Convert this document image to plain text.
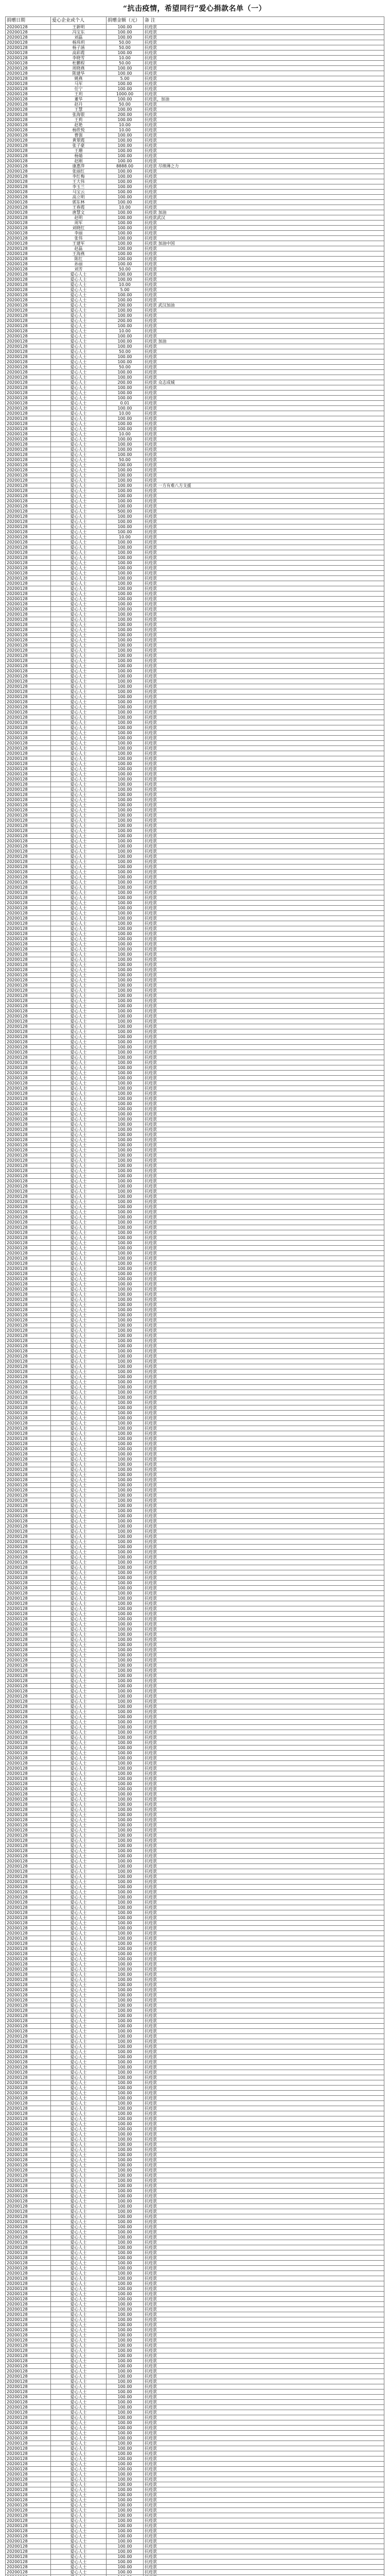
“抗击疫情，希望同行”爱心捐款名单（一）
捐赠日期	爱心企业或个人	捐赠金额（元）	备 注
20200128	王新明	100.00	抗疫款
20200128	冯宝东	100.00	抗疫款
20200128	刘磊	100.00	抗疫款
20200128	杨玮玥	50.00	抗疫款
20200128	杨子涵	50.00	抗疫款
20200128	高彩霞	100.00	抗疫款
20200128	李晓雪	10.00	抗疫款
20200128	杜鹏程	50.00	抗疫款
20200128	周晓燕	100.00	抗疫款
20200128	陈建华	100.00	抗疫款
20200128	姚燕	5.00	抗疫款
20200128	马军	100.00	抗疫款
20200128	任宁	100.00	抗疫款
20200128	王玥	1000.00	抗疫款
20200128	董华	100.00	抗疫款，加油
20200128	赵丹	50.00	抗疫款
20200128	王慧	100.00	抗疫款
20200128	张海银	200.00	抗疫款
20200128	王莉	100.00	抗疫款
20200128	赵艳	10.00	抗疫款
20200128	杨欣悦	10.00	抗疫款
20200128	曹强	100.00	抗疫款
20200128	黄翠霞	100.00	抗疫款
20200128	张子豪	100.00	抗疫款
20200128	王珊	100.00	抗疫款
20200128	杨婧	100.00	抗疫款
20200128	赵刚	100.00	抗疫款
20200128	康惠萍	8888.00	抗疫款 尽绵薄之力
20200128	张丽红	100.00	抗疫款
20200128	李红梅	100.00	抗疫款
20200128	王大伟	100.00	抗疫款
20200128	李玉兰	100.00	抗疫款
20200128	马宝云	100.00	抗疫款
20200128	高立明	100.00	抗疫款
20200128	郭东林	100.00	抗疫款
20200128	王春霞	10.00	抗疫款
20200128	唐慧文	100.00	抗疫款 加油
20200128	赵明	100.00	抗疫款武汉
20200128	周军	100.00	抗疫款
20200128	刘晓红	100.00	抗疫款
20200128	李丽	100.00	抗疫款
20200128	张伟	100.00	抗疫款
20200128	王建军	100.00	抗疫款 加油中国
20200128	赵磊	100.00	抗疫款
20200128	王海燕	100.00	抗疫款
20200128	陈红	100.00	抗疫款
20200128	孙丽	100.00	抗疫款
20200128	刘芳	50.00	抗疫款
20200128	爱心人士	100.00	抗疫款
20200128	爱心人士	100.00	抗疫款
20200128	爱心人士	10.00	抗疫款
20200128	爱心人士	5.00	抗疫款
20200128	爱心人士	100.00	抗疫款
20200128	爱心人士	100.00	抗疫款
20200128	爱心人士	200.00	抗疫款 武汉加油
20200128	爱心人士	100.00	抗疫款
20200128	爱心人士	100.00	抗疫款
20200128	爱心人士	200.00	抗疫款
20200128	爱心人士	100.00	抗疫款
20200128	爱心人士	10.00	抗疫款
20200128	爱心人士	100.00	抗疫款
20200128	爱心人士	100.00	抗疫款 加油
20200128	爱心人士	100.00	抗疫款
20200128	爱心人士	50.00	抗疫款
20200128	爱心人士	100.00	抗疫款
20200128	爱心人士	100.00	抗疫款
20200128	爱心人士	50.00	抗疫款
20200128	爱心人士	100.00	抗疫款
20200128	爱心人士	100.00	抗疫款
20200128	爱心人士	200.00	抗疫款 众志成城
20200128	爱心人士	100.00	抗疫款
20200128	爱心人士	100.00	抗疫款
20200128	爱心人士	100.00	抗疫款
20200128	爱心人士	0.01	抗疫款
20200128	爱心人士	100.00	抗疫款
20200128	爱心人士	10.00	抗疫款
20200128	爱心人士	100.00	抗疫款
20200128	爱心人士	100.00	抗疫款
20200128	爱心人士	100.00	抗疫款
20200128	爱心人士	10.00	抗疫款
20200128	爱心人士	100.00	抗疫款
20200128	爱心人士	100.00	抗疫款
20200128	爱心人士	100.00	抗疫款
20200128	爱心人士	100.00	抗疫款
20200128	爱心人士	50.00	抗疫款
20200128	爱心人士	100.00	抗疫款
20200128	爱心人士	100.00	抗疫款
20200128	爱心人士	100.00	抗疫款
20200128	爱心人士	100.00	抗疫款
20200128	爱心人士	100.00	抗疫款 一方有难八方支援
20200128	爱心人士	100.00	抗疫款
20200128	爱心人士	100.00	抗疫款
20200128	爱心人士	100.00	抗疫款
20200128	爱心人士	100.00	抗疫款
20200128	爱心人士	500.00	抗疫款
20200128	爱心人士	100.00	抗疫款
20200128	爱心人士	100.00	抗疫款
20200128	爱心人士	100.00	抗疫款
20200128	爱心人士	100.00	抗疫款
20200128	爱心人士	10.00	抗疫款
20200128	爱心人士	100.00	抗疫款
20200128	爱心人士	100.00	抗疫款
20200128	爱心人士	100.00	抗疫款
20200128	爱心人士	100.00	抗疫款
20200128	爱心人士	100.00	抗疫款
20200128	爱心人士	100.00	抗疫款
20200128	爱心人士	100.00	抗疫款
20200128	爱心人士	100.00	抗疫款
20200128	爱心人士	100.00	抗疫款
20200128	爱心人士	100.00	抗疫款
20200128	爱心人士	100.00	抗疫款
20200128	爱心人士	100.00	抗疫款
20200128	爱心人士	100.00	抗疫款
20200128	爱心人士	100.00	抗疫款
20200128	爱心人士	100.00	抗疫款
20200128	爱心人士	100.00	抗疫款
20200128	爱心人士	100.00	抗疫款
20200128	爱心人士	100.00	抗疫款
20200128	爱心人士	100.00	抗疫款
20200128	爱心人士	100.00	抗疫款
20200128	爱心人士	100.00	抗疫款
20200128	爱心人士	100.00	抗疫款
20200128	爱心人士	100.00	抗疫款
20200128	爱心人士	100.00	抗疫款
20200128	爱心人士	100.00	抗疫款
20200128	爱心人士	100.00	抗疫款
20200128	爱心人士	100.00	抗疫款
20200128	爱心人士	100.00	抗疫款
20200128	爱心人士	100.00	抗疫款
20200128	爱心人士	100.00	抗疫款
20200128	爱心人士	100.00	抗疫款
20200128	爱心人士	100.00	抗疫款
20200128	爱心人士	100.00	抗疫款
20200128	爱心人士	100.00	抗疫款
20200128	爱心人士	100.00	抗疫款
20200128	爱心人士	100.00	抗疫款
20200128	爱心人士	100.00	抗疫款
20200128	爱心人士	100.00	抗疫款
20200128	爱心人士	100.00	抗疫款
20200128	爱心人士	100.00	抗疫款
20200128	爱心人士	100.00	抗疫款
20200128	爱心人士	100.00	抗疫款
20200128	爱心人士	100.00	抗疫款
20200128	爱心人士	100.00	抗疫款
20200128	爱心人士	100.00	抗疫款
20200128	爱心人士	100.00	抗疫款
20200128	爱心人士	100.00	抗疫款
20200128	爱心人士	100.00	抗疫款
20200128	爱心人士	100.00	抗疫款
20200128	爱心人士	100.00	抗疫款
20200128	爱心人士	100.00	抗疫款
20200128	爱心人士	100.00	抗疫款
20200128	爱心人士	100.00	抗疫款
20200128	爱心人士	100.00	抗疫款
20200128	爱心人士	100.00	抗疫款
20200128	爱心人士	100.00	抗疫款
20200128	爱心人士	100.00	抗疫款
20200128	爱心人士	100.00	抗疫款
20200128	爱心人士	100.00	抗疫款
20200128	爱心人士	100.00	抗疫款
20200128	爱心人士	100.00	抗疫款
20200128	爱心人士	100.00	抗疫款
20200128	爱心人士	100.00	抗疫款
20200128	爱心人士	100.00	抗疫款
20200128	爱心人士	100.00	抗疫款
20200128	爱心人士	100.00	抗疫款
20200128	爱心人士	100.00	抗疫款
20200128	爱心人士	100.00	抗疫款
20200128	爱心人士	100.00	抗疫款
20200128	爱心人士	100.00	抗疫款
20200128	爱心人士	100.00	抗疫款
20200128	爱心人士	100.00	抗疫款
20200128	爱心人士	100.00	抗疫款
20200128	爱心人士	100.00	抗疫款
20200128	爱心人士	100.00	抗疫款
20200128	爱心人士	100.00	抗疫款
20200128	爱心人士	100.00	抗疫款
20200128	爱心人士	100.00	抗疫款
20200128	爱心人士	100.00	抗疫款
20200128	爱心人士	100.00	抗疫款
20200128	爱心人士	100.00	抗疫款
20200128	爱心人士	100.00	抗疫款
20200128	爱心人士	100.00	抗疫款
20200128	爱心人士	100.00	抗疫款
20200128	爱心人士	100.00	抗疫款
20200128	爱心人士	100.00	抗疫款
20200128	爱心人士	100.00	抗疫款
20200128	爱心人士	100.00	抗疫款
20200128	爱心人士	100.00	抗疫款
20200128	爱心人士	100.00	抗疫款
20200128	爱心人士	100.00	抗疫款
20200128	爱心人士	100.00	抗疫款
20200128	爱心人士	100.00	抗疫款
20200128	爱心人士	100.00	抗疫款
20200128	爱心人士	100.00	抗疫款
20200128	爱心人士	100.00	抗疫款
20200128	爱心人士	100.00	抗疫款
20200128	爱心人士	100.00	抗疫款
20200128	爱心人士	100.00	抗疫款
20200128	爱心人士	100.00	抗疫款
20200128	爱心人士	100.00	抗疫款
20200128	爱心人士	100.00	抗疫款
20200128	爱心人士	100.00	抗疫款
20200128	爱心人士	100.00	抗疫款
20200128	爱心人士	100.00	抗疫款
20200128	爱心人士	100.00	抗疫款
20200128	爱心人士	100.00	抗疫款
20200128	爱心人士	100.00	抗疫款
20200128	爱心人士	100.00	抗疫款
20200128	爱心人士	100.00	抗疫款
20200128	爱心人士	100.00	抗疫款
20200128	爱心人士	100.00	抗疫款
20200128	爱心人士	100.00	抗疫款
20200128	爱心人士	100.00	抗疫款
20200128	爱心人士	100.00	抗疫款
20200128	爱心人士	100.00	抗疫款
20200128	爱心人士	100.00	抗疫款
20200128	爱心人士	100.00	抗疫款
20200128	爱心人士	100.00	抗疫款
20200128	爱心人士	100.00	抗疫款
20200128	爱心人士	100.00	抗疫款
20200128	爱心人士	100.00	抗疫款
20200128	爱心人士	100.00	抗疫款
20200128	爱心人士	100.00	抗疫款
20200128	爱心人士	100.00	抗疫款
20200128	爱心人士	100.00	抗疫款
20200128	爱心人士	100.00	抗疫款
20200128	爱心人士	100.00	抗疫款
20200128	爱心人士	100.00	抗疫款
20200128	爱心人士	100.00	抗疫款
20200128	爱心人士	100.00	抗疫款
20200128	爱心人士	100.00	抗疫款
20200128	爱心人士	100.00	抗疫款
20200128	爱心人士	100.00	抗疫款
20200128	爱心人士	100.00	抗疫款
20200128	爱心人士	100.00	抗疫款
20200128	爱心人士	100.00	抗疫款
20200128	爱心人士	100.00	抗疫款
20200128	爱心人士	100.00	抗疫款
20200128	爱心人士	100.00	抗疫款
20200128	爱心人士	100.00	抗疫款
20200128	爱心人士	100.00	抗疫款
20200128	爱心人士	100.00	抗疫款
20200128	爱心人士	100.00	抗疫款
20200128	爱心人士	100.00	抗疫款
20200128	爱心人士	100.00	抗疫款
20200128	爱心人士	100.00	抗疫款
20200128	爱心人士	100.00	抗疫款
20200128	爱心人士	100.00	抗疫款
20200128	爱心人士	100.00	抗疫款
20200128	爱心人士	100.00	抗疫款
20200128	爱心人士	100.00	抗疫款
20200128	爱心人士	100.00	抗疫款
20200128	爱心人士	100.00	抗疫款
20200128	爱心人士	100.00	抗疫款
20200128	爱心人士	100.00	抗疫款
20200128	爱心人士	100.00	抗疫款
20200128	爱心人士	100.00	抗疫款
20200128	爱心人士	100.00	抗疫款
20200128	爱心人士	100.00	抗疫款
20200128	爱心人士	100.00	抗疫款
20200128	爱心人士	100.00	抗疫款
20200128	爱心人士	100.00	抗疫款
20200128	爱心人士	100.00	抗疫款
20200128	爱心人士	100.00	抗疫款
20200128	爱心人士	100.00	抗疫款
20200128	爱心人士	100.00	抗疫款
20200128	爱心人士	100.00	抗疫款
20200128	爱心人士	100.00	抗疫款
20200128	爱心人士	100.00	抗疫款
20200128	爱心人士	100.00	抗疫款
20200128	爱心人士	100.00	抗疫款
20200128	爱心人士	100.00	抗疫款
20200128	爱心人士	100.00	抗疫款
20200128	爱心人士	100.00	抗疫款
20200128	爱心人士	100.00	抗疫款
20200128	爱心人士	100.00	抗疫款
20200128	爱心人士	100.00	抗疫款
20200128	爱心人士	100.00	抗疫款
20200128	爱心人士	100.00	抗疫款
20200128	爱心人士	100.00	抗疫款
20200128	爱心人士	100.00	抗疫款
20200128	爱心人士	100.00	抗疫款
20200128	爱心人士	100.00	抗疫款
20200128	爱心人士	100.00	抗疫款
20200128	爱心人士	100.00	抗疫款
20200128	爱心人士	100.00	抗疫款
20200128	爱心人士	100.00	抗疫款
20200128	爱心人士	100.00	抗疫款
20200128	爱心人士	100.00	抗疫款
20200128	爱心人士	100.00	抗疫款
20200128	爱心人士	100.00	抗疫款
20200128	爱心人士	100.00	抗疫款
20200128	爱心人士	100.00	抗疫款
20200128	爱心人士	100.00	抗疫款
20200128	爱心人士	100.00	抗疫款
20200128	爱心人士	100.00	抗疫款
20200128	爱心人士	100.00	抗疫款
20200128	爱心人士	100.00	抗疫款
20200128	爱心人士	100.00	抗疫款
20200128	爱心人士	100.00	抗疫款
20200128	爱心人士	100.00	抗疫款
20200128	爱心人士	100.00	抗疫款
20200128	爱心人士	100.00	抗疫款
20200128	爱心人士	100.00	抗疫款
20200128	爱心人士	100.00	抗疫款
20200128	爱心人士	100.00	抗疫款
20200128	爱心人士	100.00	抗疫款
20200128	爱心人士	100.00	抗疫款
20200128	爱心人士	100.00	抗疫款
20200128	爱心人士	100.00	抗疫款
20200128	爱心人士	100.00	抗疫款
20200128	爱心人士	100.00	抗疫款
20200128	爱心人士	100.00	抗疫款
20200128	爱心人士	100.00	抗疫款
20200128	爱心人士	100.00	抗疫款
20200128	爱心人士	100.00	抗疫款
20200128	爱心人士	100.00	抗疫款
20200128	爱心人士	100.00	抗疫款
20200128	爱心人士	100.00	抗疫款
20200128	爱心人士	100.00	抗疫款
20200128	爱心人士	100.00	抗疫款
20200128	爱心人士	100.00	抗疫款
20200128	爱心人士	100.00	抗疫款
20200128	爱心人士	100.00	抗疫款
20200128	爱心人士	100.00	抗疫款
20200128	爱心人士	100.00	抗疫款
20200128	爱心人士	100.00	抗疫款
20200128	爱心人士	100.00	抗疫款
20200128	爱心人士	100.00	抗疫款
20200128	爱心人士	100.00	抗疫款
20200128	爱心人士	100.00	抗疫款
20200128	爱心人士	100.00	抗疫款
20200128	爱心人士	100.00	抗疫款
20200128	爱心人士	100.00	抗疫款
20200128	爱心人士	100.00	抗疫款
20200128	爱心人士	100.00	抗疫款
20200128	爱心人士	100.00	抗疫款
20200128	爱心人士	100.00	抗疫款
20200128	爱心人士	100.00	抗疫款
20200128	爱心人士	100.00	抗疫款
20200128	爱心人士	100.00	抗疫款
20200128	爱心人士	100.00	抗疫款
20200128	爱心人士	100.00	抗疫款
20200128	爱心人士	100.00	抗疫款
20200128	爱心人士	100.00	抗疫款
20200128	爱心人士	100.00	抗疫款
20200128	爱心人士	100.00	抗疫款
20200128	爱心人士	100.00	抗疫款
20200128	爱心人士	100.00	抗疫款
20200128	爱心人士	100.00	抗疫款
20200128	爱心人士	100.00	抗疫款
20200128	爱心人士	100.00	抗疫款
20200128	爱心人士	100.00	抗疫款
20200128	爱心人士	100.00	抗疫款
20200128	爱心人士	100.00	抗疫款
20200128	爱心人士	100.00	抗疫款
20200128	爱心人士	100.00	抗疫款
20200128	爱心人士	100.00	抗疫款
20200128	爱心人士	100.00	抗疫款
20200128	爱心人士	100.00	抗疫款
20200128	爱心人士	100.00	抗疫款
20200128	爱心人士	100.00	抗疫款
20200128	爱心人士	100.00	抗疫款
20200128	爱心人士	100.00	抗疫款
20200128	爱心人士	100.00	抗疫款
20200128	爱心人士	100.00	抗疫款
20200128	爱心人士	100.00	抗疫款
20200128	爱心人士	100.00	抗疫款
20200128	爱心人士	100.00	抗疫款
20200128	爱心人士	100.00	抗疫款
20200128	爱心人士	100.00	抗疫款
20200128	爱心人士	100.00	抗疫款
20200128	爱心人士	100.00	抗疫款
20200128	爱心人士	100.00	抗疫款
20200128	爱心人士	100.00	抗疫款
20200128	爱心人士	100.00	抗疫款
20200128	爱心人士	100.00	抗疫款
20200128	爱心人士	100.00	抗疫款
20200128	爱心人士	100.00	抗疫款
20200128	爱心人士	100.00	抗疫款
20200128	爱心人士	100.00	抗疫款
20200128	爱心人士	100.00	抗疫款
20200128	爱心人士	100.00	抗疫款
20200128	爱心人士	100.00	抗疫款
20200128	爱心人士	100.00	抗疫款
20200128	爱心人士	100.00	抗疫款
20200128	爱心人士	100.00	抗疫款
20200128	爱心人士	100.00	抗疫款
20200128	爱心人士	100.00	抗疫款
20200128	爱心人士	100.00	抗疫款
20200128	爱心人士	100.00	抗疫款
20200128	爱心人士	100.00	抗疫款
20200128	爱心人士	100.00	抗疫款
20200128	爱心人士	100.00	抗疫款
20200128	爱心人士	100.00	抗疫款
20200128	爱心人士	100.00	抗疫款
20200128	爱心人士	100.00	抗疫款
20200128	爱心人士	100.00	抗疫款
20200128	爱心人士	100.00	抗疫款
20200128	爱心人士	100.00	抗疫款
20200128	爱心人士	100.00	抗疫款
20200128	爱心人士	100.00	抗疫款
20200128	爱心人士	100.00	抗疫款
20200128	爱心人士	100.00	抗疫款
20200128	爱心人士	100.00	抗疫款
20200128	爱心人士	100.00	抗疫款
20200128	爱心人士	100.00	抗疫款
20200128	爱心人士	100.00	抗疫款
20200128	爱心人士	100.00	抗疫款
20200128	爱心人士	100.00	抗疫款
20200128	爱心人士	100.00	抗疫款
20200128	爱心人士	100.00	抗疫款
20200128	爱心人士	100.00	抗疫款
20200128	爱心人士	100.00	抗疫款
20200128	爱心人士	100.00	抗疫款
20200128	爱心人士	100.00	抗疫款
20200128	爱心人士	100.00	抗疫款
20200128	爱心人士	100.00	抗疫款
20200128	爱心人士	100.00	抗疫款
20200128	爱心人士	100.00	抗疫款
20200128	爱心人士	100.00	抗疫款
20200128	爱心人士	100.00	抗疫款
20200128	爱心人士	100.00	抗疫款
20200128	爱心人士	100.00	抗疫款
20200128	爱心人士	100.00	抗疫款
20200128	爱心人士	100.00	抗疫款
20200128	爱心人士	100.00	抗疫款
20200128	爱心人士	100.00	抗疫款
20200128	爱心人士	100.00	抗疫款
20200128	爱心人士	100.00	抗疫款
20200128	爱心人士	100.00	抗疫款
20200128	爱心人士	100.00	抗疫款
20200128	爱心人士	100.00	抗疫款
20200128	爱心人士	100.00	抗疫款
20200128	爱心人士	100.00	抗疫款
20200128	爱心人士	100.00	抗疫款
20200128	爱心人士	100.00	抗疫款
20200128	爱心人士	100.00	抗疫款
20200128	爱心人士	100.00	抗疫款
20200128	爱心人士	100.00	抗疫款
20200128	爱心人士	100.00	抗疫款
20200128	爱心人士	100.00	抗疫款
20200128	爱心人士	100.00	抗疫款
20200128	爱心人士	100.00	抗疫款
20200128	爱心人士	100.00	抗疫款
20200128	爱心人士	100.00	抗疫款
20200128	爱心人士	100.00	抗疫款
20200128	爱心人士	100.00	抗疫款
20200128	爱心人士	100.00	抗疫款
20200128	爱心人士	100.00	抗疫款
20200128	爱心人士	100.00	抗疫款
20200128	爱心人士	100.00	抗疫款
20200128	爱心人士	100.00	抗疫款
20200128	爱心人士	100.00	抗疫款
20200128	爱心人士	100.00	抗疫款
20200128	爱心人士	100.00	抗疫款
20200128	爱心人士	100.00	抗疫款
20200128	爱心人士	100.00	抗疫款
20200128	爱心人士	100.00	抗疫款
20200128	爱心人士	100.00	抗疫款
20200128	爱心人士	100.00	抗疫款
20200128	爱心人士	100.00	抗疫款
20200128	爱心人士	100.00	抗疫款
20200128	爱心人士	100.00	抗疫款
20200128	爱心人士	100.00	抗疫款
20200128	爱心人士	100.00	抗疫款
20200128	爱心人士	100.00	抗疫款
20200128	爱心人士	100.00	抗疫款
20200128	爱心人士	100.00	抗疫款
20200128	爱心人士	100.00	抗疫款
20200128	爱心人士	100.00	抗疫款
20200128	爱心人士	100.00	抗疫款
20200128	爱心人士	100.00	抗疫款
20200128	爱心人士	100.00	抗疫款
20200128	爱心人士	100.00	抗疫款
20200128	爱心人士	100.00	抗疫款
20200128	爱心人士	100.00	抗疫款
20200128	爱心人士	100.00	抗疫款
20200128	爱心人士	100.00	抗疫款
20200128	爱心人士	100.00	抗疫款
20200128	爱心人士	100.00	抗疫款
20200128	爱心人士	100.00	抗疫款
20200128	爱心人士	100.00	抗疫款
20200128	爱心人士	100.00	抗疫款
20200128	爱心人士	100.00	抗疫款
20200128	爱心人士	100.00	抗疫款
20200128	爱心人士	100.00	抗疫款
20200128	爱心人士	100.00	抗疫款
20200128	爱心人士	100.00	抗疫款
20200128	爱心人士	100.00	抗疫款
20200128	爱心人士	100.00	抗疫款
20200128	爱心人士	100.00	抗疫款
20200128	爱心人士	100.00	抗疫款
20200128	爱心人士	100.00	抗疫款
